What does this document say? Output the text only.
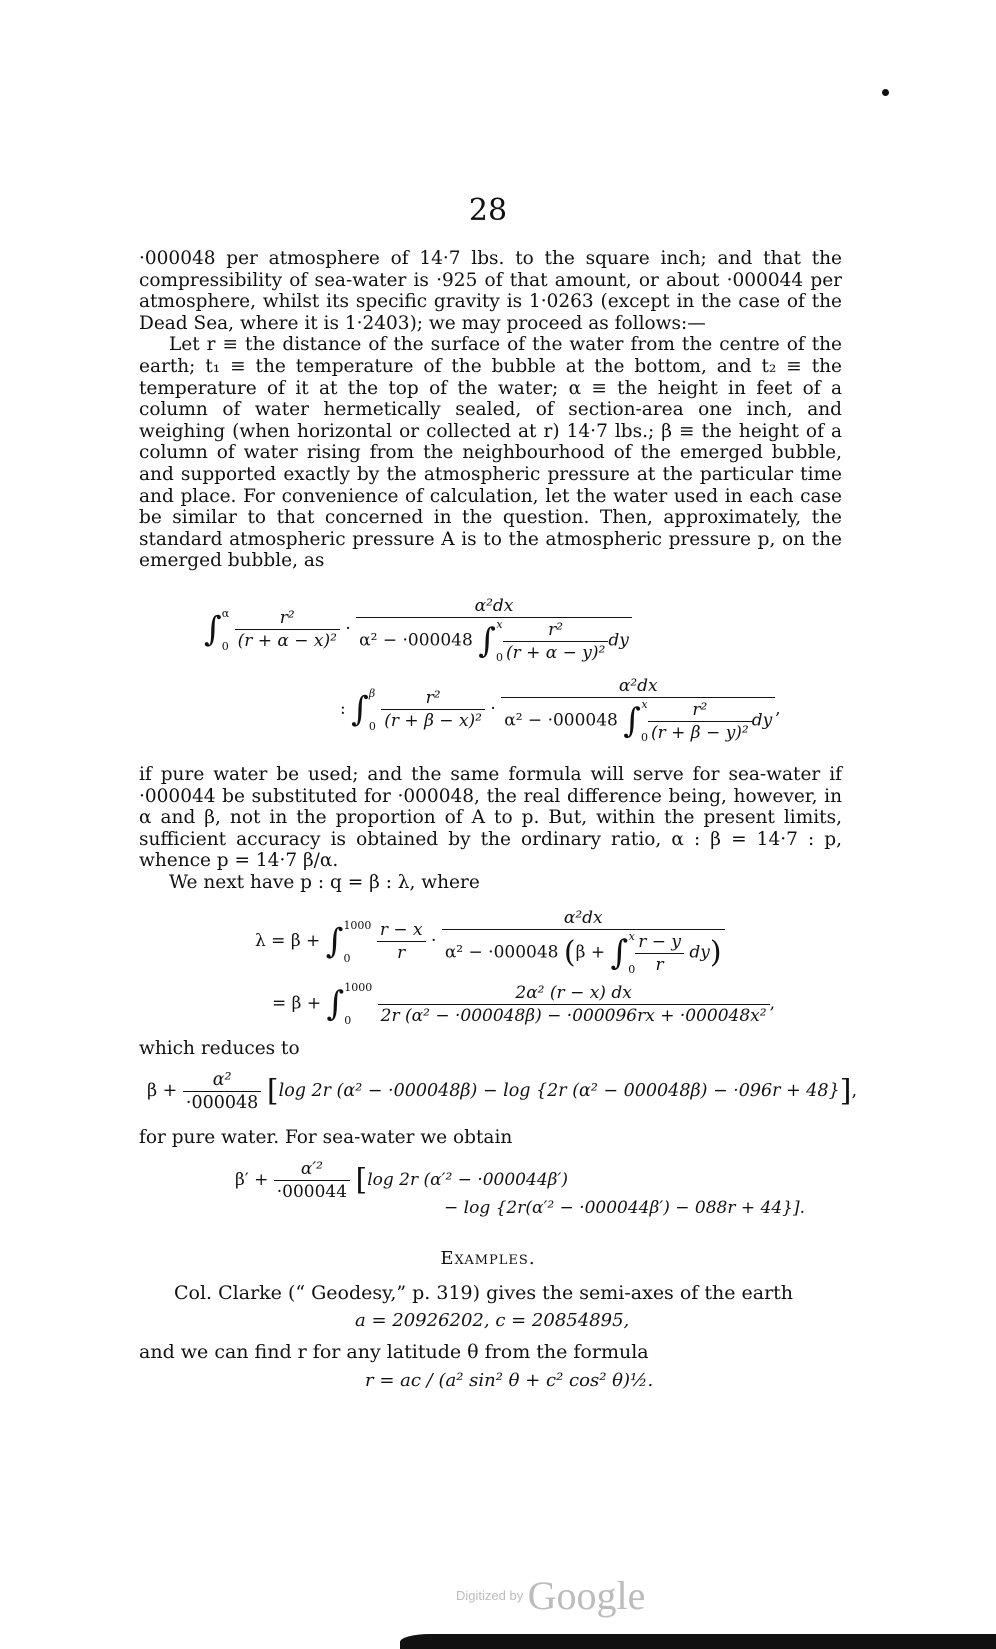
28

·000048 per atmosphere of 14·7 lbs. to the square inch; and that the compressibility of sea-water is ·925 of that amount, or about ·000044 per atmosphere, whilst its specific gravity is 1·0263 (except in the case of the Dead Sea, where it is 1·2403); we may proceed as follows:—

Let r ≡ the distance of the surface of the water from the centre of the earth; t₁ ≡ the temperature of the bubble at the bottom, and t₂ ≡ the temperature of it at the top of the water; α ≡ the height in feet of a column of water hermetically sealed, of section-area one inch, and weighing (when horizontal or collected at r) 14·7 lbs.; β ≡ the height of a column of water rising from the neighbourhood of the emerged bubble, and supported exactly by the atmospheric pressure at the particular time and place. For convenience of calculation, let the water used in each case be similar to that concerned in the question. Then, approximately, the standard atmospheric pressure A is to the atmospheric pressure p, on the emerged bubble, as

∫ α
0
$\frac{\text{r²}}{\text{(r + α − x)²}} \cdot \alpha^2dx$
α² − ·000048 ∫ x
$0 \frac{\text{r²}}{\text{(r + α − y)²}}$ dy
: ∫ β
0
$\frac{\text{r²}}{\text{(r + β − x)²}} \cdot \alpha^2dx$
α² − ·000048 ∫ x
$0 \frac{\text{r²}}{\text{(r + β − y)²}}$ dy ,

if pure water be used; and the same formula will serve for sea-water if ·000044 be substituted for ·000048, the real difference being, however, in α and β, not in the proportion of A to p. But, within the present limits, sufficient accuracy is obtained by the ordinary ratio, α : β = 14·7 : p, whence p = 14·7 β/α.

We next have p : q = β : λ, where

λ = β + ∫ 1000
0
	$\frac{r - x}{r} \cdot \alpha^2dx$
α² − ·000048 (β + ∫ x
$0 \frac{r - y}{r} dy$)
= β + ∫ 1000
0
	$\frac{\text{2α² (r − x) dx}}{\text{2r (α² − ·000048β) − ·000096rx + ·000048x²}}$ ,

which reduces to

$\beta + \frac{\text{α²}}{\cdot 000048} [\log$ 2r (α² − ·000048β) − log {2r (α² − 000048β) − ·096r + 48}],

for pure water. For sea-water we obtain

$\beta' + \frac{\text{α′²}}{\cdot 000044} [\log$ 2r (α′² − ·000044β′)
− log {2r(α′² − ·000044β′) − 088r + 44}].
Examples.
Col. Clarke (“ Geodesy,” p. 319) gives the semi-axes of the earth
a = 20926202, c = 20854895,
and we can find r for any latitude θ from the formula
r = ac / (a² sin² θ + c² cos² θ)½.
Digitized by Google
